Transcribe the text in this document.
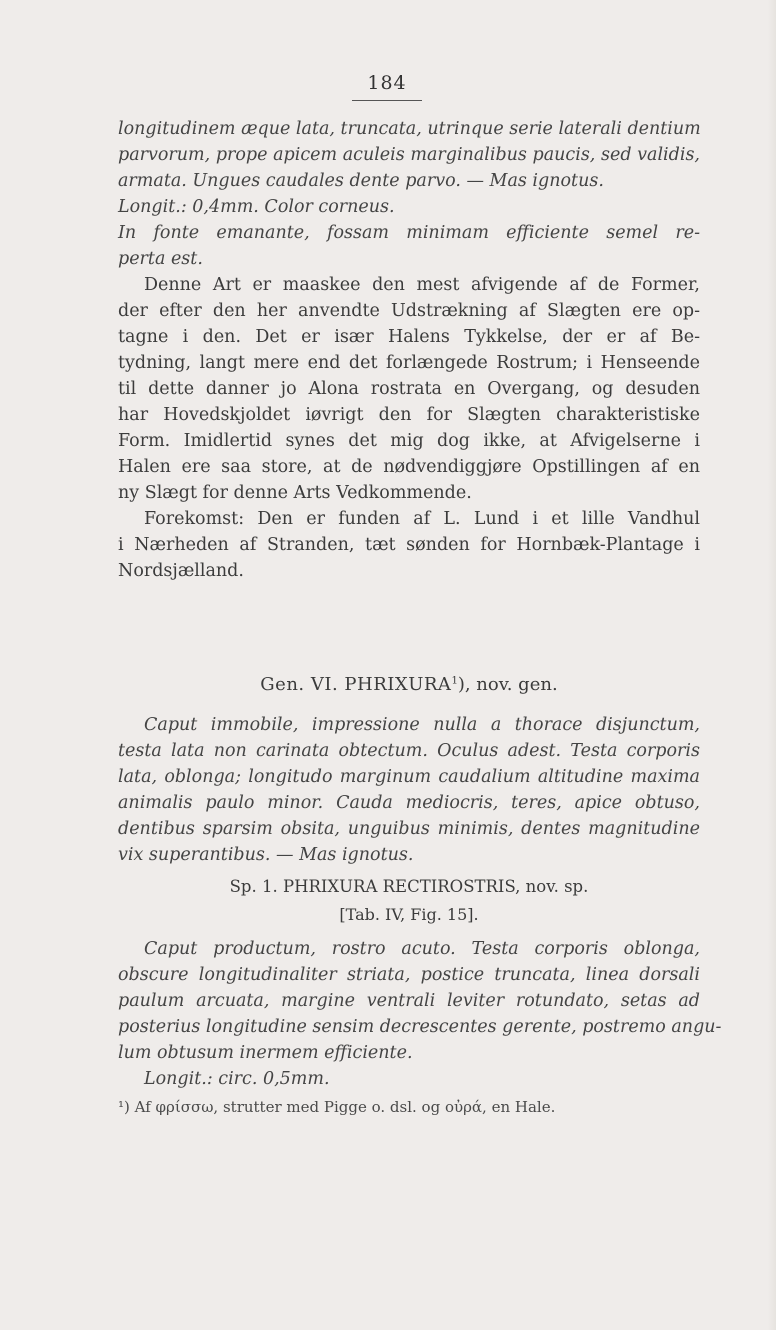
184
longitudinem æque lata, truncata, utrinque serie laterali dentium
parvorum, prope apicem aculeis marginalibus paucis, sed validis,
armata. Ungues caudales dente parvo. — Mas ignotus.
Longit.: 0,4mm. Color corneus.
In fonte emanante, fossam minimam efficiente semel re-
perta est.
Denne Art er maaskee den mest afvigende af de Former,
der efter den her anvendte Udstrækning af Slægten ere op-
tagne i den. Det er især Halens Tykkelse, der er af Be-
tydning, langt mere end det forlængede Rostrum; i Henseende
til dette danner jo Alona rostrata en Overgang, og desuden
har Hovedskjoldet iøvrigt den for Slægten charakteristiske
Form. Imidlertid synes det mig dog ikke, at Afvigelserne i
Halen ere saa store, at de nødvendiggjøre Opstillingen af en
ny Slægt for denne Arts Vedkommende.
Forekomst: Den er funden af L. Lund i et lille Vandhul
i Nærheden af Stranden, tæt sønden for Hornbæk-Plantage i
Nordsjælland.
Gen. VI. PHRIXURA$^1$), nov. gen.
Caput immobile, impressione nulla a thorace disjunctum,
testa lata non carinata obtectum. Oculus adest. Testa corporis
lata, oblonga; longitudo marginum caudalium altitudine maxima
animalis paulo minor. Cauda mediocris, teres, apice obtuso,
dentibus sparsim obsita, unguibus minimis, dentes magnitudine
vix superantibus. — Mas ignotus.
Sp. 1. PHRIXURA RECTIROSTRIS, nov. sp.
[Tab. IV, Fig. 15].
Caput productum, rostro acuto. Testa corporis oblonga,
obscure longitudinaliter striata, postice truncata, linea dorsali
paulum arcuata, margine ventrali leviter rotundato, setas ad
posterius longitudine sensim decrescentes gerente, postremo angu-
lum obtusum inermem efficiente.
Longit.: circ. 0,5mm.
¹) Af φρίσσω, strutter med Pigge o. dsl. og οὐρά, en Hale.
